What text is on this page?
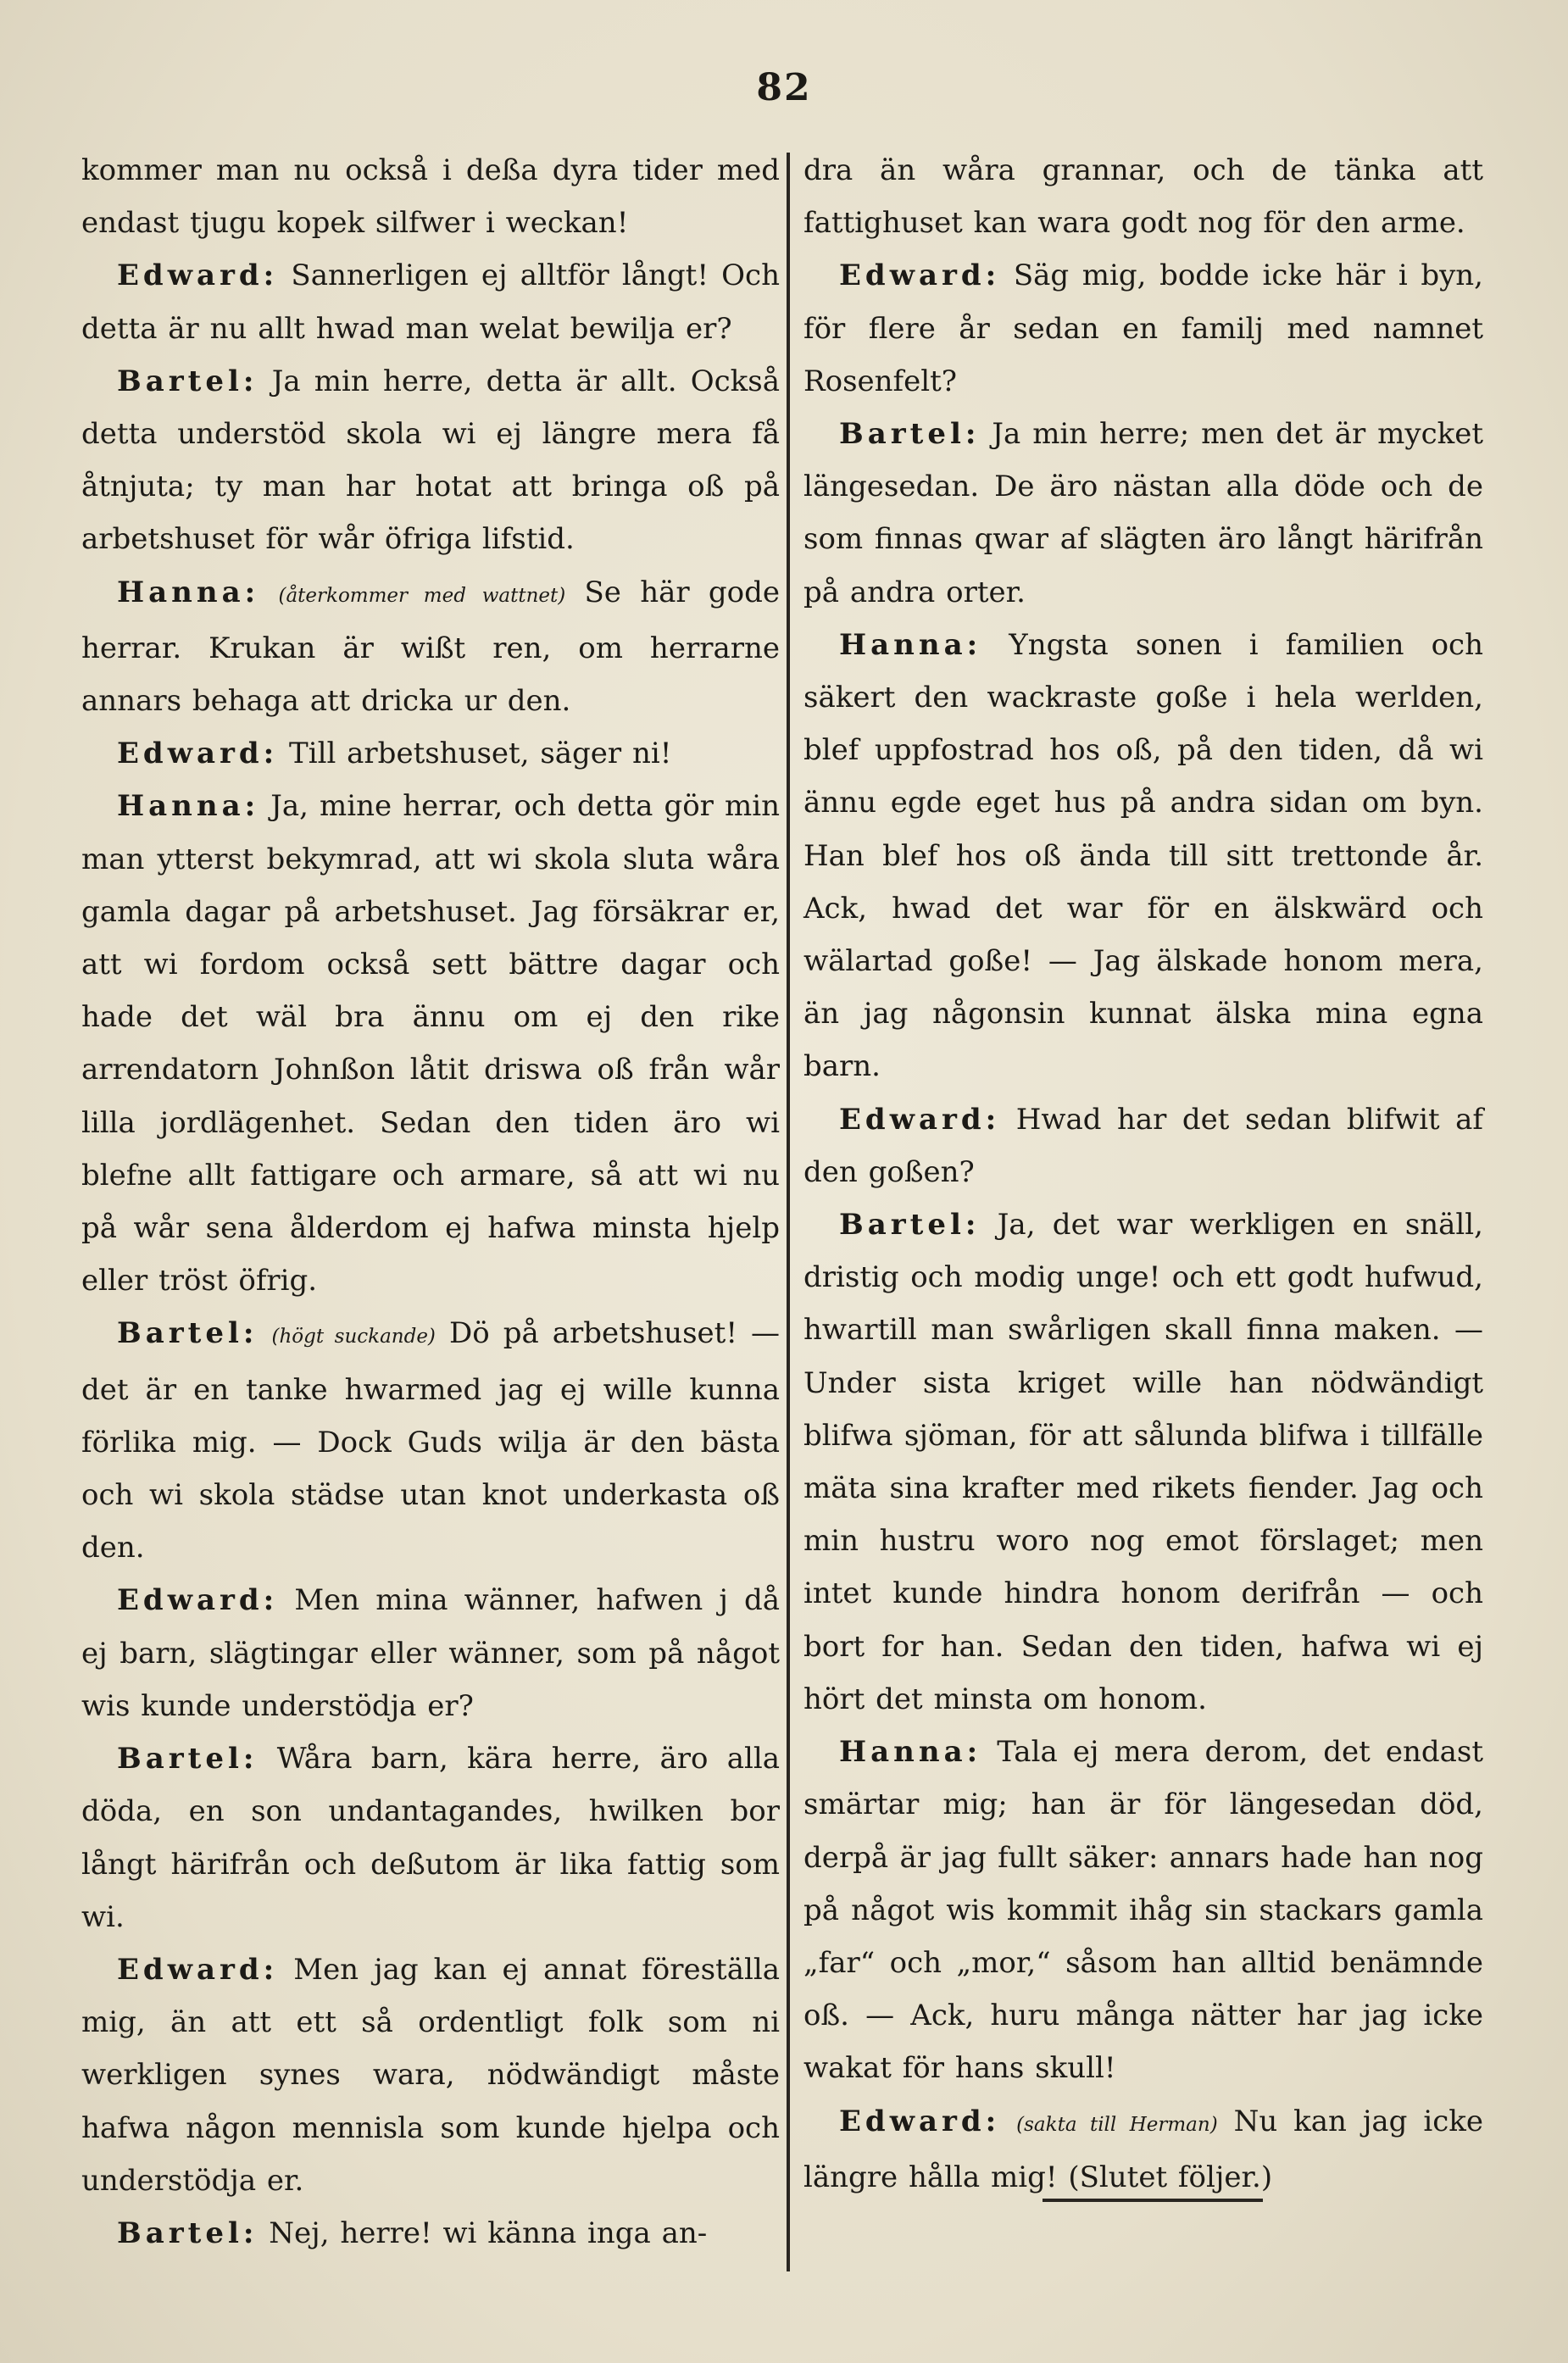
82

kommer man nu också i deßa dyra tider med endast tjugu kopek silfwer i weckan!

Edward: Sannerligen ej alltför långt! Och detta är nu allt hwad man welat bewilja er?

Bartel: Ja min herre, detta är allt. Också detta understöd skola wi ej längre mera få åtnjuta; ty man har hotat att bringa oß på arbetshuset för wår öfriga lifstid.

Hanna: (återkommer med wattnet) Se här gode herrar. Krukan är wißt ren, om herrarne annars behaga att dricka ur den.

Edward: Till arbetshuset, säger ni!

Hanna: Ja, mine herrar, och detta gör min man ytterst bekymrad, att wi skola sluta wåra gamla dagar på arbetshuset. Jag försäkrar er, att wi fordom också sett bättre dagar och hade det wäl bra ännu om ej den rike arrendatorn Johnßon låtit driswa oß från wår lilla jordlägenhet. Sedan den tiden äro wi blefne allt fattigare och armare, så att wi nu på wår sena ålderdom ej hafwa minsta hjelp eller tröst öfrig.

Bartel: (högt suckande) Dö på arbetshuset! — det är en tanke hwarmed jag ej wille kunna förlika mig. — Dock Guds wilja är den bästa och wi skola städse utan knot underkasta oß den.

Edward: Men mina wänner, hafwen j då ej barn, slägtingar eller wänner, som på något wis kunde understödja er?

Bartel: Wåra barn, kära herre, äro alla döda, en son undantagandes, hwilken bor långt härifrån och deßutom är lika fattig som wi.

Edward: Men jag kan ej annat föreställa mig, än att ett så ordentligt folk som ni werkligen synes wara, nödwändigt måste hafwa någon mennisla som kunde hjelpa och understödja er.

Bartel: Nej, herre! wi känna inga an-

dra än wåra grannar, och de tänka att fattighuset kan wara godt nog för den arme.

Edward: Säg mig, bodde icke här i byn, för flere år sedan en familj med namnet Rosenfelt?

Bartel: Ja min herre; men det är mycket längesedan. De äro nästan alla döde och de som finnas qwar af slägten äro långt härifrån på andra orter.

Hanna: Yngsta sonen i familien och säkert den wackraste goße i hela werlden, blef uppfostrad hos oß, på den tiden, då wi ännu egde eget hus på andra sidan om byn. Han blef hos oß ända till sitt trettonde år. Ack, hwad det war för en älskwärd och wälartad goße! — Jag älskade honom mera, än jag någonsin kunnat älska mina egna barn.

Edward: Hwad har det sedan blifwit af den goßen?

Bartel: Ja, det war werkligen en snäll, dristig och modig unge! och ett godt hufwud, hwartill man swårligen skall finna maken. — Under sista kriget wille han nödwändigt blifwa sjöman, för att sålunda blifwa i tillfälle mäta sina krafter med rikets fiender. Jag och min hustru woro nog emot förslaget; men intet kunde hindra honom derifrån — och bort for han. Sedan den tiden, hafwa wi ej hört det minsta om honom.

Hanna: Tala ej mera derom, det endast smärtar mig; han är för längesedan död, derpå är jag fullt säker: annars hade han nog på något wis kommit ihåg sin stackars gamla „far“ och „mor,“ såsom han alltid benämnde oß. — Ack, huru många nätter har jag icke wakat för hans skull!

Edward: (sakta till Herman) Nu kan jag icke längre hålla mig! (Slutet följer.)
